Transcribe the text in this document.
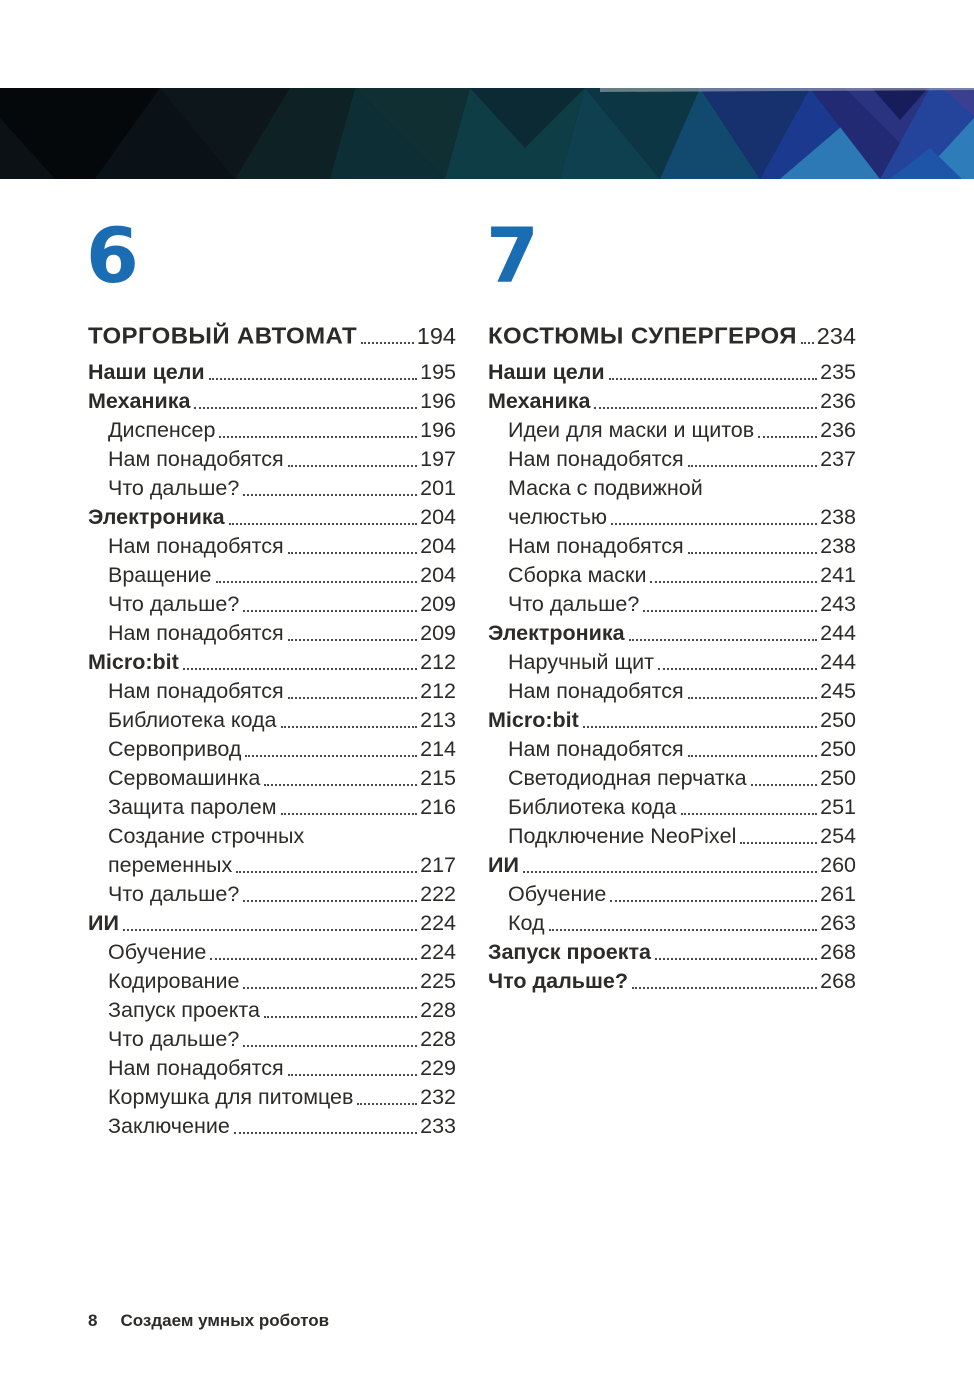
6
ТОРГОВЫЙ АВТОМАТ	194
Наши цели	195
Механика	196
Диспенсер	196
Нам понадобятся	197
Что дальше?	201
Электроника	204
Нам понадобятся	204
Вращение	204
Что дальше?	209
Нам понадобятся	209
Micro:bit	212
Нам понадобятся	212
Библиотека кода	213
Сервопривод	214
Сервомашинка	215
Защита паролем	216
Создание строчных
переменных	217
Что дальше?	222
ИИ	224
Обучение	224
Кодирование	225
Запуск проекта	228
Что дальше?	228
Нам понадобятся	229
Кормушка для питомцев	232
Заключение	233
7
КОСТЮМЫ СУПЕРГЕРОЯ 234
Наши цели	235
Механика	236
Идеи для маски и щитов	236
Нам понадобятся	237
Маска с подвижной
челюстью	238
Нам понадобятся	238
Сборка маски	241
Что дальше?	243
Электроника	244
Наручный щит	244
Нам понадобятся	245
Micro:bit	250
Нам понадобятся	250
Светодиодная перчатка	250
Библиотека кода	251
Подключение NeoPixel	254
ИИ	260
Обучение	261
Код	263
Запуск проекта	268
Что дальше?	268
8 Создаем умных роботов
